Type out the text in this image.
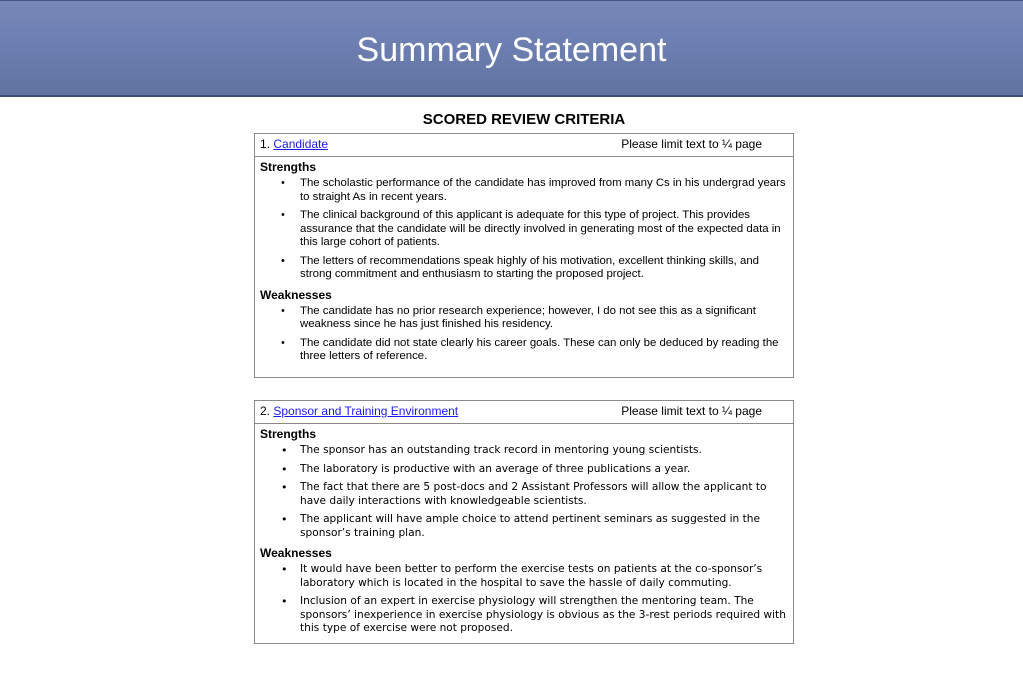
Summary Statement
SCORED REVIEW CRITERIA
1. Candidate	Please limit text to ¼ page
Strengths
• The scholastic performance of the candidate has improved from many Cs in his undergrad years to straight As in recent years.
• The clinical background of this applicant is adequate for this type of project. This provides assurance that the candidate will be directly involved in generating most of the expected data in this large cohort of patients.
• The letters of recommendations speak highly of his motivation, excellent thinking skills, and strong commitment and enthusiasm to starting the proposed project.
Weaknesses
• The candidate has no prior research experience; however, I do not see this as a significant weakness since he has just finished his residency.
• The candidate did not state clearly his career goals. These can only be deduced by reading the three letters of reference.
2. Sponsor and Training Environment	Please limit text to ¼ page
Strengths
• The sponsor has an outstanding track record in mentoring young scientists.
• The laboratory is productive with an average of three publications a year.
• The fact that there are 5 post-docs and 2 Assistant Professors will allow the applicant to have daily interactions with knowledgeable scientists.
• The applicant will have ample choice to attend pertinent seminars as suggested in the sponsor’s training plan.
Weaknesses
• It would have been better to perform the exercise tests on patients at the co-sponsor’s laboratory which is located in the hospital to save the hassle of daily commuting.
• Inclusion of an expert in exercise physiology will strengthen the mentoring team. The sponsors’ inexperience in exercise physiology is obvious as the 3-rest periods required with this type of exercise were not proposed.
